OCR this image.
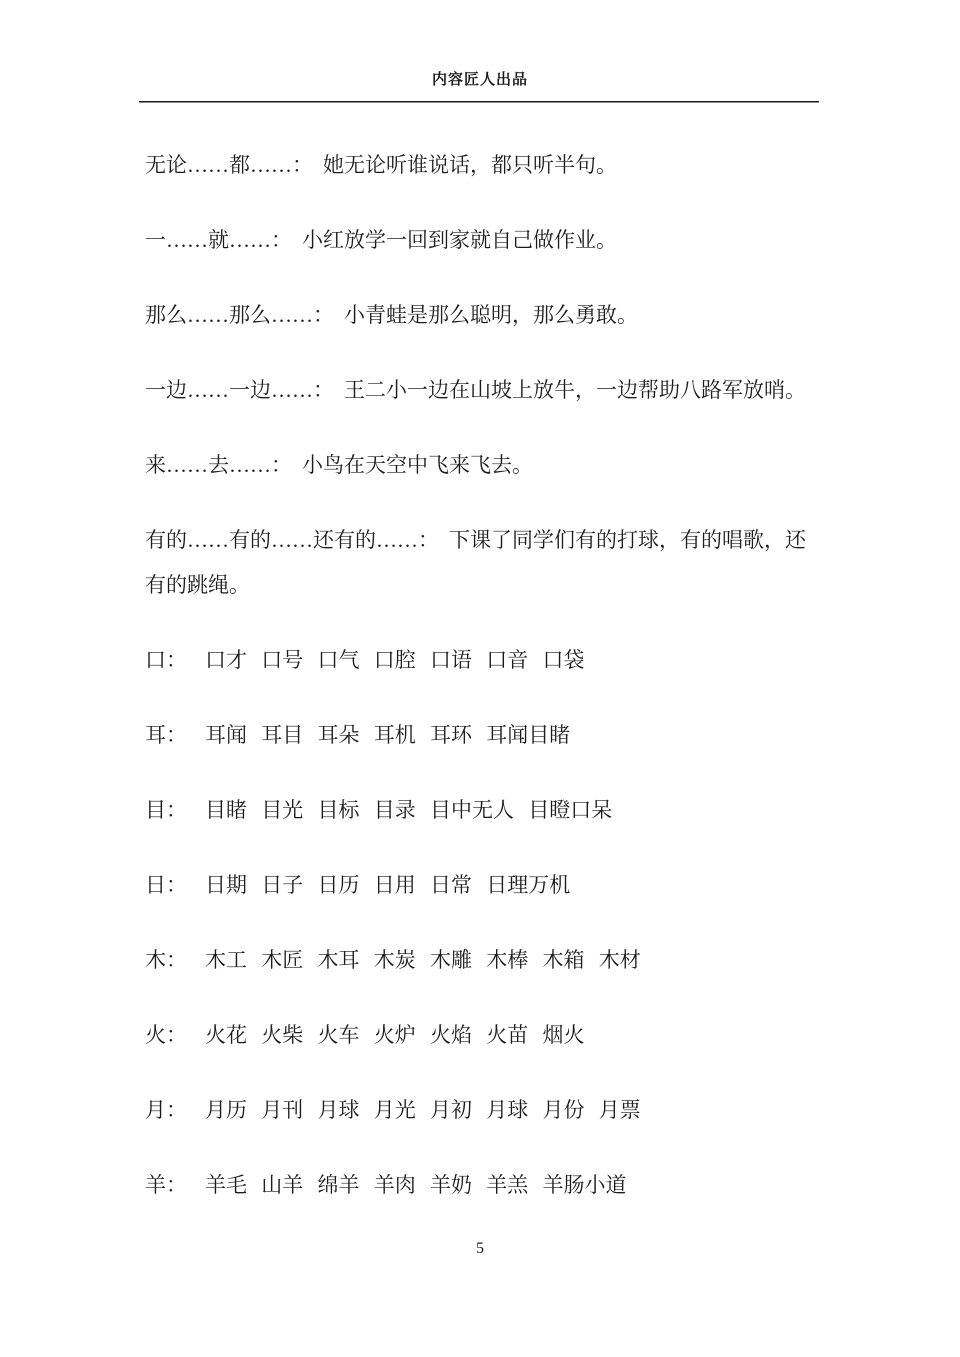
内容匠人出品

无论……都……： 她无论听谁说话，都只听半句。

一……就……： 小红放学一回到家就自己做作业。

那么……那么……： 小青蛙是那么聪明，那么勇敢。

一边……一边……： 王二小一边在山坡上放牛，一边帮助八路军放哨。

来……去……： 小鸟在天空中飞来飞去。

有的……有的……还有的……： 下课了同学们有的打球，有的唱歌，还有的跳绳。

口： 口才 口号 口气 口腔 口语 口音 口袋

耳： 耳闻 耳目 耳朵 耳机 耳环 耳闻目睹

目： 目睹 目光 目标 目录 目中无人 目瞪口呆

日： 日期 日子 日历 日用 日常 日理万机

木： 木工 木匠 木耳 木炭 木雕 木棒 木箱 木材

火： 火花 火柴 火车 火炉 火焰 火苗 烟火

月： 月历 月刊 月球 月光 月初 月球 月份 月票

羊： 羊毛 山羊 绵羊 羊肉 羊奶 羊羔 羊肠小道

5
